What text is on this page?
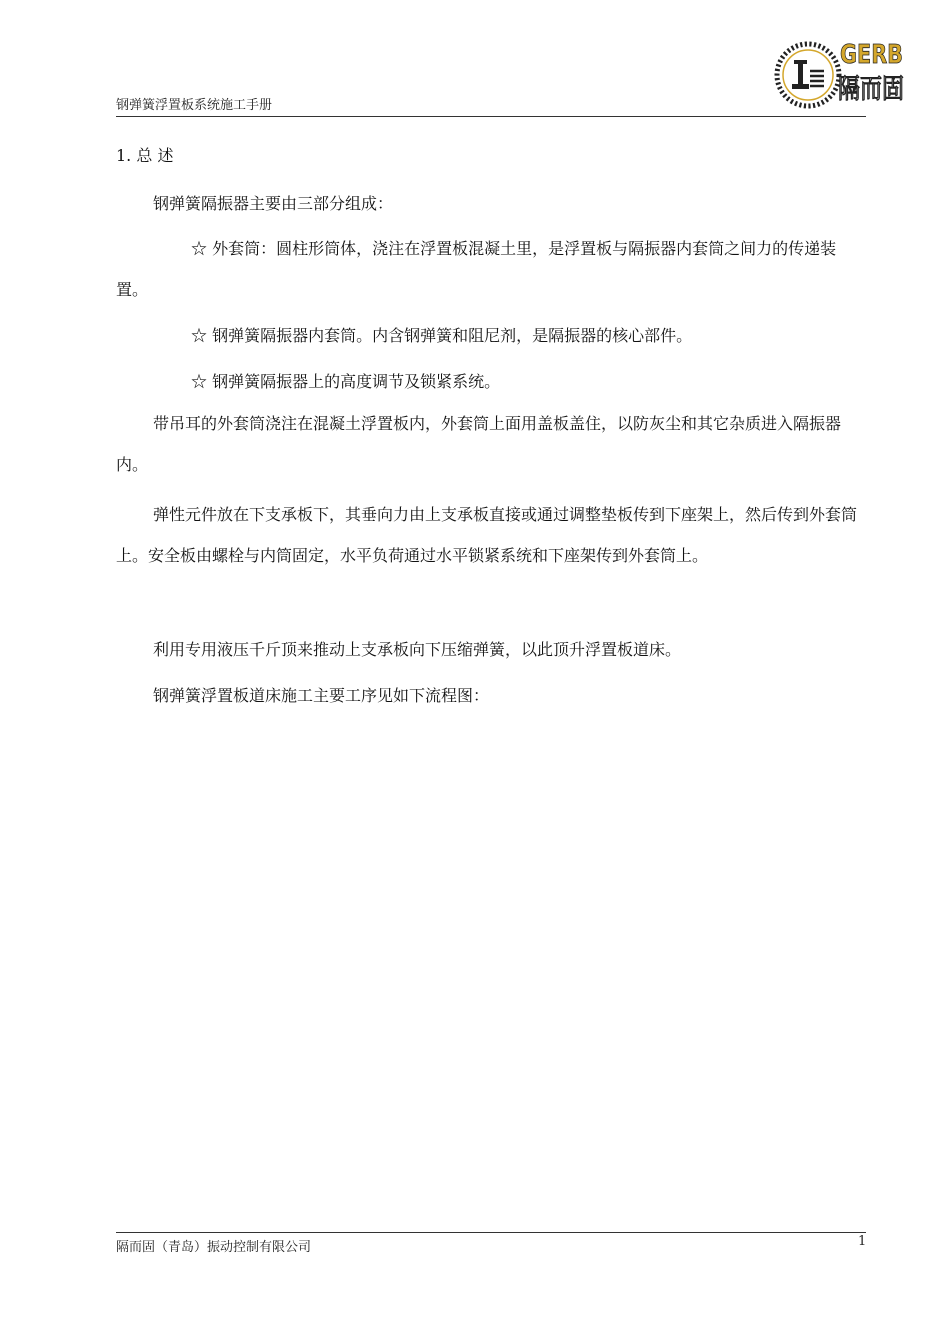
钢弹簧浮置板系统施工手册
GERB
隔而固
1. 总 述
钢弹簧隔振器主要由三部分组成：
☆ 外套筒：圆柱形筒体，浇注在浮置板混凝土里，是浮置板与隔振器内套筒之间力的传递装置。
☆ 钢弹簧隔振器内套筒。内含钢弹簧和阻尼剂，是隔振器的核心部件。
☆ 钢弹簧隔振器上的高度调节及锁紧系统。
带吊耳的外套筒浇注在混凝土浮置板内，外套筒上面用盖板盖住，以防灰尘和其它杂质进入隔振器内。
弹性元件放在下支承板下，其垂向力由上支承板直接或通过调整垫板传到下座架上，然后传到外套筒上。安全板由螺栓与内筒固定，水平负荷通过水平锁紧系统和下座架传到外套筒上。
利用专用液压千斤顶来推动上支承板向下压缩弹簧，以此顶升浮置板道床。
钢弹簧浮置板道床施工主要工序见如下流程图：
隔而固（青岛）振动控制有限公司	1
